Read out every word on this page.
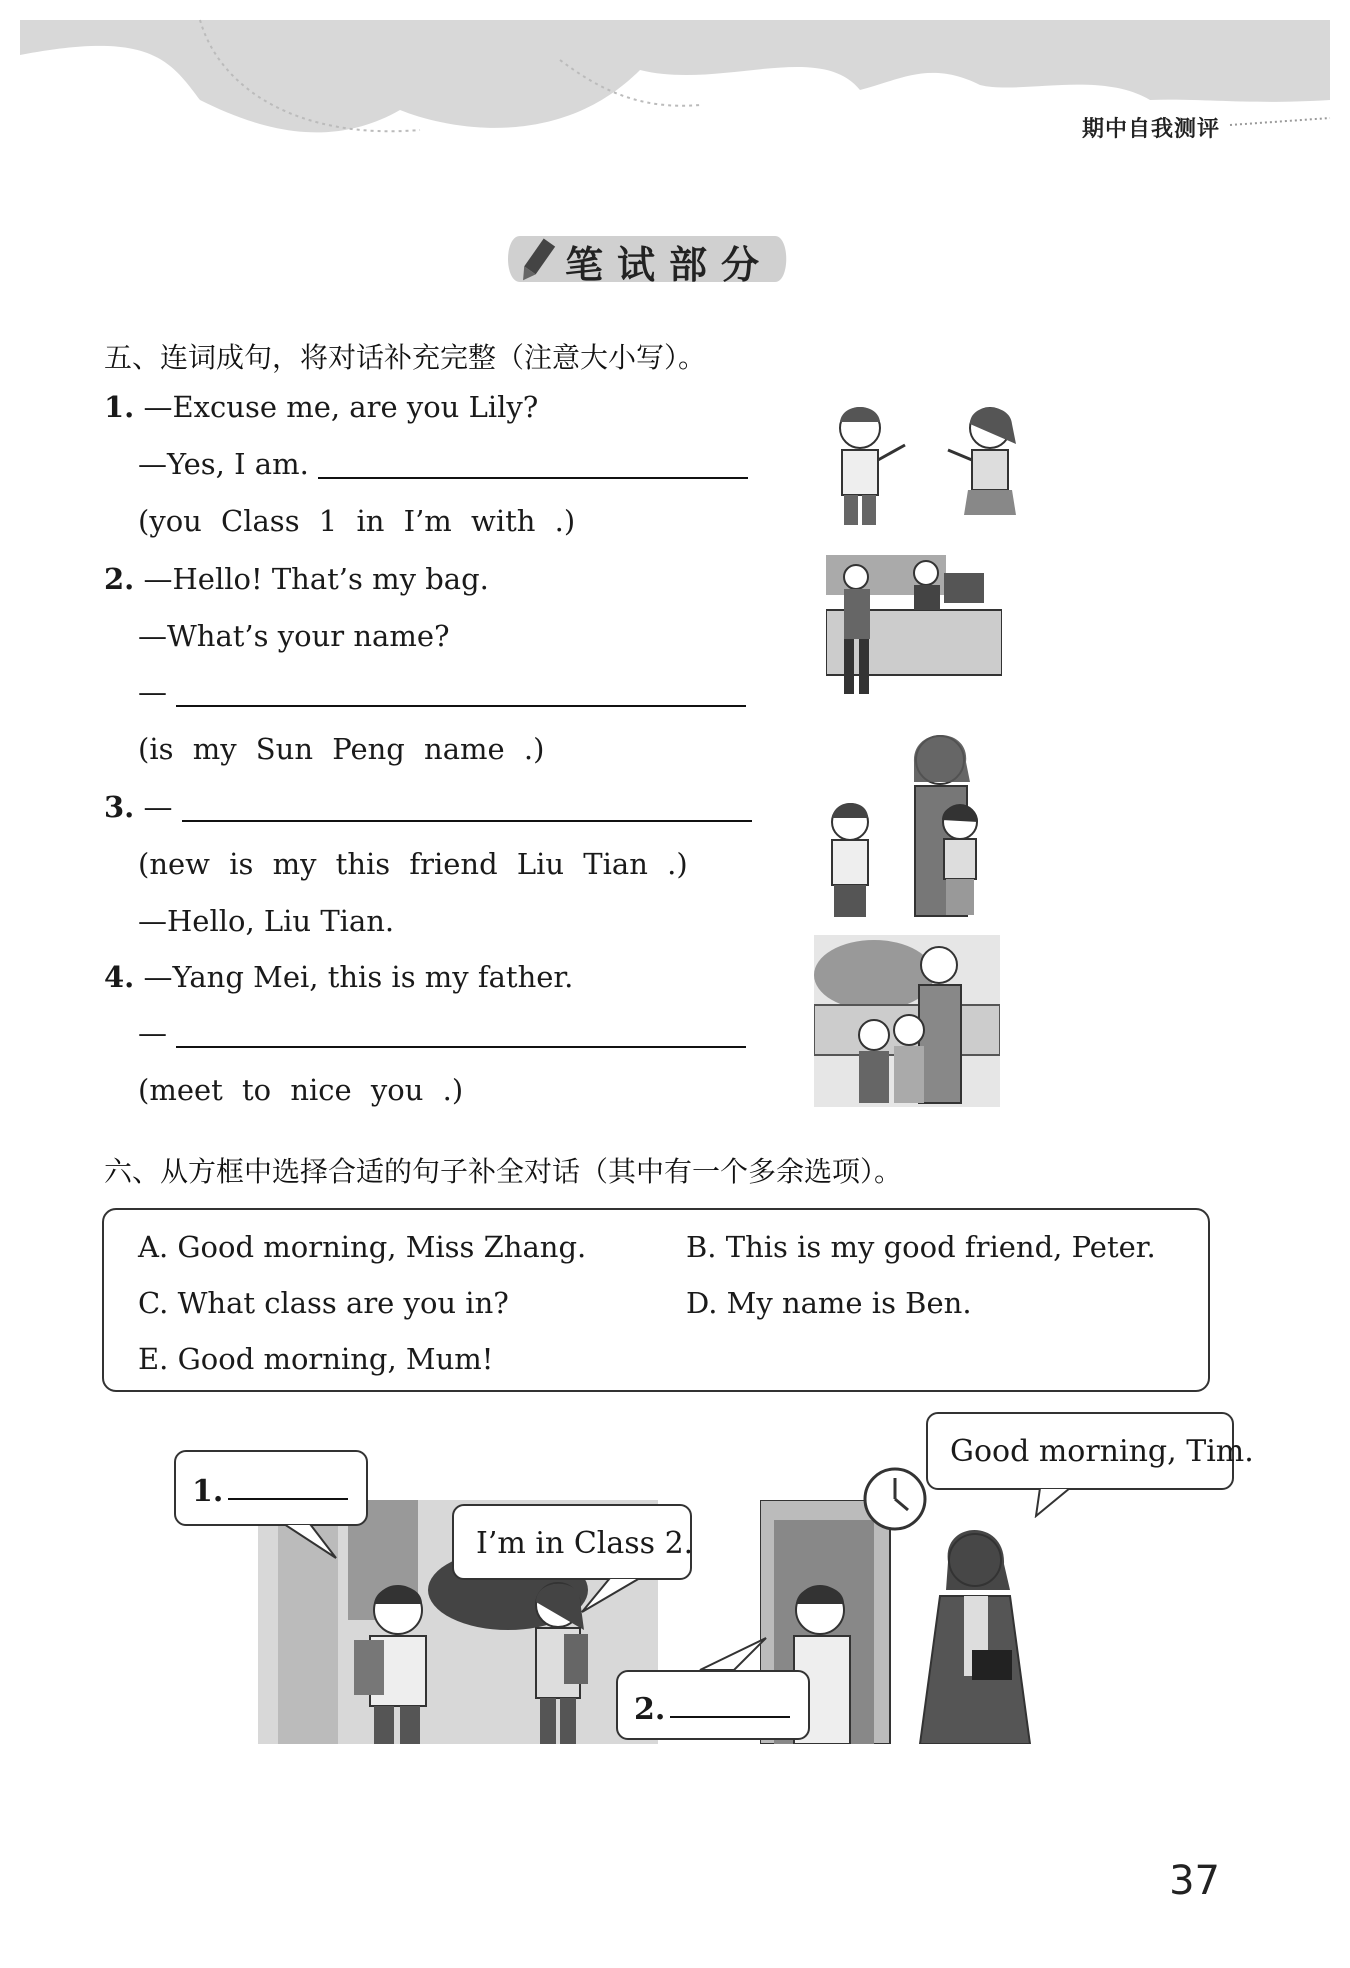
期中自我测评
笔试部分
五、连词成句，将对话补充完整（注意大小写）。
1. —Excuse me, are you Lily?
—Yes, I am.
(you Class 1 in I’m with .)
2. —Hello! That’s my bag.
—What’s your name?
—
(is my Sun Peng name .)
3. —
(new is my this friend Liu Tian .)
—Hello, Liu Tian.
4. —Yang Mei, this is my father.
—
(meet to nice you .)
六、从方框中选择合适的句子补全对话（其中有一个多余选项）。
A. Good morning, Miss Zhang.	B. This is my good friend, Peter.
C. What class are you in?	D. My name is Ben.
E. Good morning, Mum!
1.
I’m in Class 2.
Good morning, Tim.
2.
37
